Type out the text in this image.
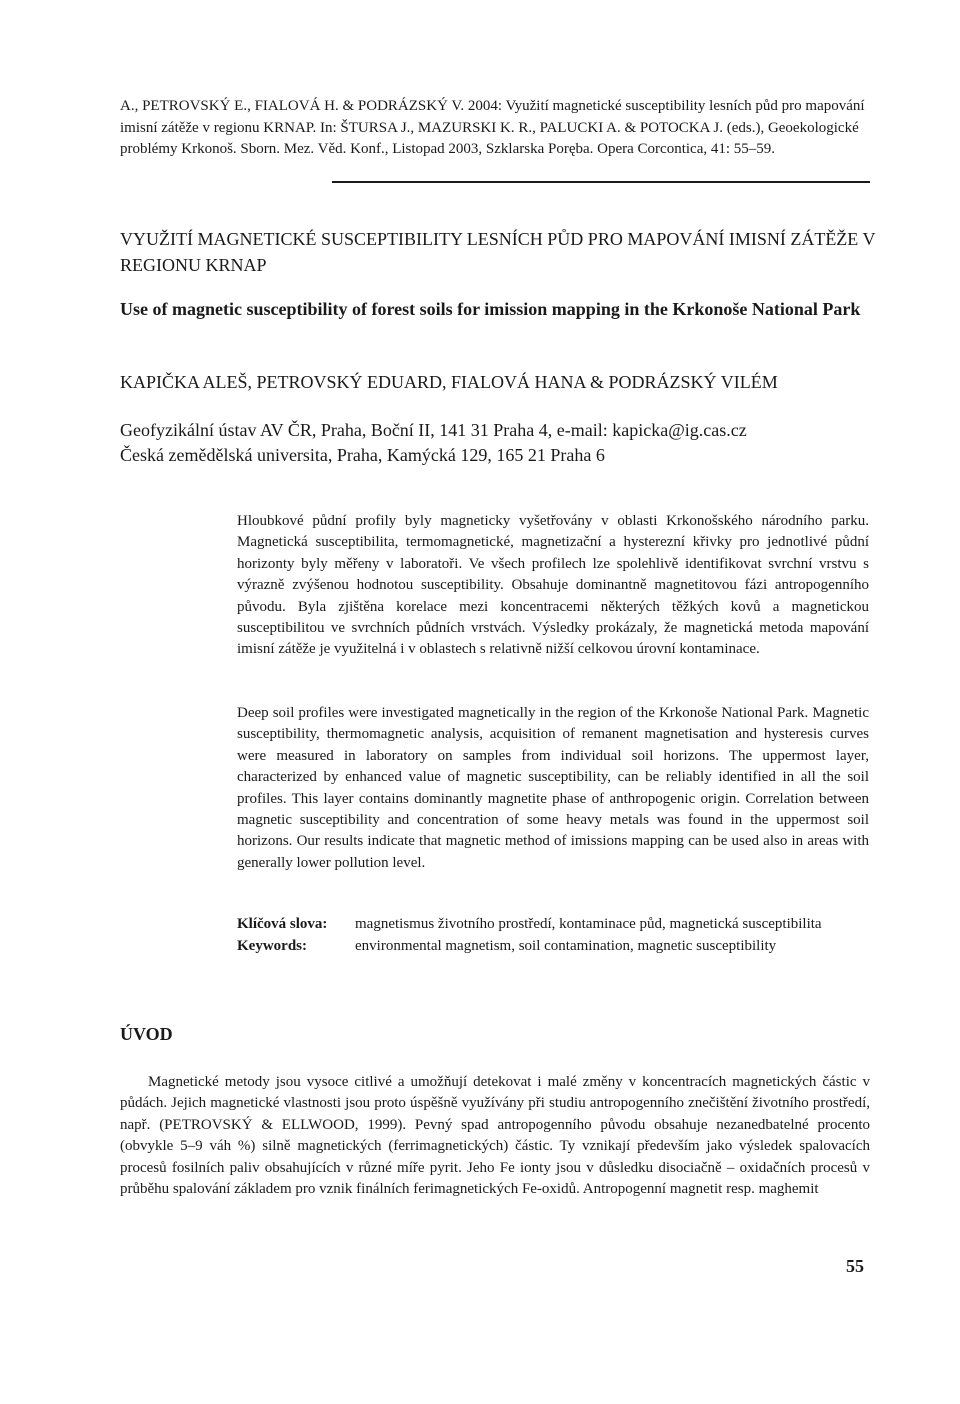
A., PETROVSKÝ E., FIALOVÁ H. & PODRÁZSKÝ V. 2004: Využití magnetické susceptibility lesních půd pro mapování imisní zátěže v regionu KRNAP. In: ŠTURSA J., MAZURSKI K. R., PALUCKI A. & POTOCKA J. (eds.), Geoekologické problémy Krkonoš. Sborn. Mez. Věd. Konf., Listopad 2003, Szklarska Poręba. Opera Corcontica, 41: 55–59.
VYUŽITÍ MAGNETICKÉ SUSCEPTIBILITY LESNÍCH PŮD PRO MAPOVÁNÍ IMISNÍ ZÁTĚŽE V REGIONU KRNAP
Use of magnetic susceptibility of forest soils for imission mapping in the Krkonoše National Park
KAPIČKA ALEŠ, PETROVSKÝ EDUARD, FIALOVÁ HANA & PODRÁZSKÝ VILÉM
Geofyzikální ústav AV ČR, Praha, Boční II, 141 31 Praha 4, e-mail: kapicka@ig.cas.cz
Česká zemědělská universita, Praha, Kamýcká 129, 165 21 Praha 6

Hloubkové půdní profily byly magneticky vyšetřovány v oblasti Krkonošského národního parku. Magnetická susceptibilita, termomagnetické, magnetizační a hysterezní křivky pro jednotlivé půdní horizonty byly měřeny v laboratoři. Ve všech profilech lze spolehlivě identifikovat svrchní vrstvu s výrazně zvýšenou hodnotou susceptibility. Obsahuje dominantně magnetitovou fázi antropogenního původu. Byla zjištěna korelace mezi koncentracemi některých těžkých kovů a magnetickou susceptibilitou ve svrchních půdních vrstvách. Výsledky prokázaly, že magnetická metoda mapování imisní zátěže je využitelná i v oblastech s relativně nižší celkovou úrovní kontaminace.

Deep soil profiles were investigated magnetically in the region of the Krkonoše National Park. Magnetic susceptibility, thermomagnetic analysis, acquisition of remanent magnetisation and hysteresis curves were measured in laboratory on samples from individual soil horizons. The uppermost layer, characterized by enhanced value of magnetic susceptibility, can be reliably identified in all the soil profiles. This layer contains dominantly magnetite phase of anthropogenic origin. Correlation between magnetic susceptibility and concentration of some heavy metals was found in the uppermost soil horizons. Our results indicate that magnetic method of imissions mapping can be used also in areas with generally lower pollution level.

Klíčová slova:	magnetismus životního prostředí, kontaminace půd, magnetická susceptibilita
Keywords:	environmental magnetism, soil contamination, magnetic susceptibility
ÚVOD

Magnetické metody jsou vysoce citlivé a umožňují detekovat i malé změny v koncentracích magnetických částic v půdách. Jejich magnetické vlastnosti jsou proto úspěšně využívány při studiu antropogenního znečištění životního prostředí, např. (PETROVSKÝ & ELLWOOD, 1999). Pevný spad antropogenního původu obsahuje nezanedbatelné procento (obvykle 5–9 váh %) silně magnetických (ferrimagnetických) částic. Ty vznikají především jako výsledek spalovacích procesů fosilních paliv obsahujících v různé míře pyrit. Jeho Fe ionty jsou v důsledku disociačně – oxidačních procesů v průběhu spalování základem pro vznik finálních ferimagnetických Fe-oxidů. Antropogenní magnetit resp. maghemit

55
